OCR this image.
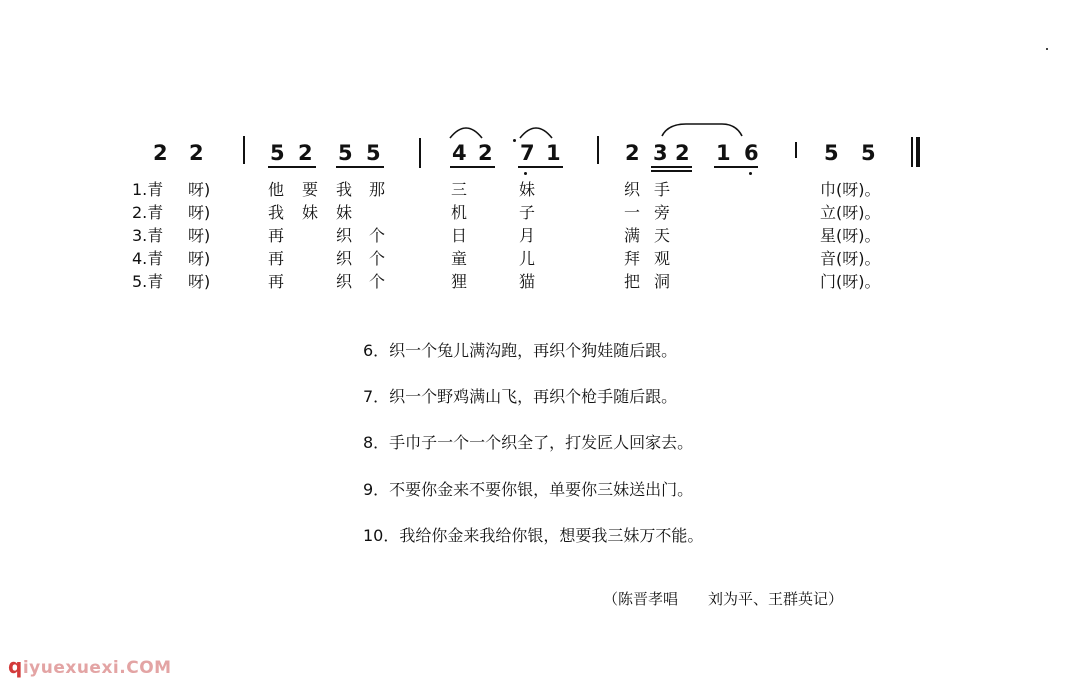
2 2	5 2 5 5	4 2 7 1	2 3 2 1 6	5 5
1.青 呀)	他 要 我 那	三	妹	织 手	巾(呀)。
2.青 呀)	我 妹 妹	机	子	一 旁	立(呀)。
3.青 呀)	再	织 个	日	月	满 天	星(呀)。
4.青 呀)	再	织 个	童	儿	拜 观	音(呀)。
5.青 呀)	再	织 个	狸	猫	把 洞	门(呀)。
6．织一个兔儿满沟跑，再织个狗娃随后跟。
7．织一个野鸡满山飞，再织个枪手随后跟。
8．手巾子一个一个织全了，打发匠人回家去。
9．不要你金来不要你银，单要你三妹送出门。
10．我给你金来我给你银，想要我三妹万不能。
（陈晋孝唱　　刘为平、王群英记）
qiyuexuexi.COM
